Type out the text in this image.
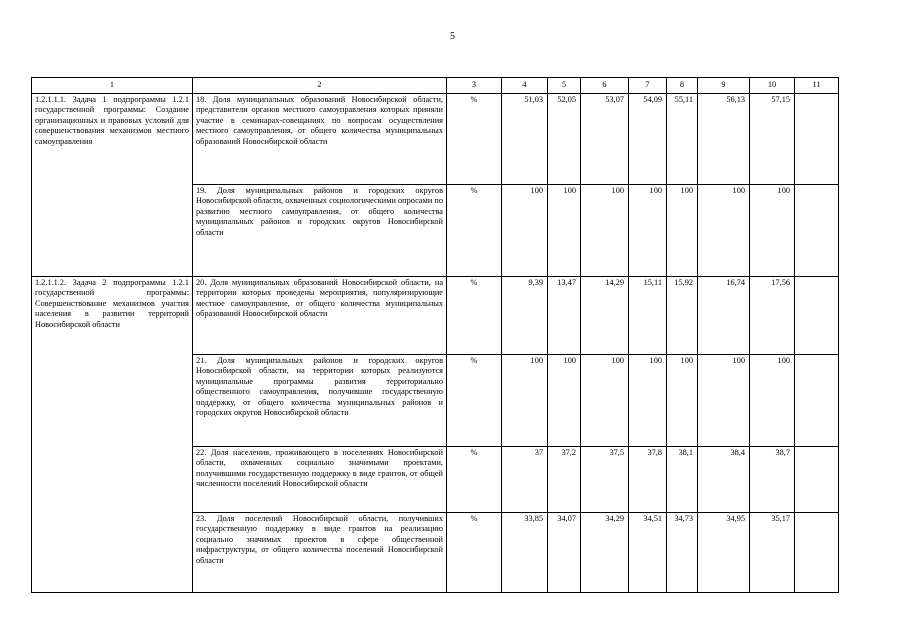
5
1	2	3	4	5	6	7	8	9	10	11
1.2.1.1.1. Задача 1 подпрограммы 1.2.1 государственной программы: Создание организационных и правовых условий для совершенствования механизмов местного самоуправления	18. Доля муниципальных образований Новосибирской области, представители органов местного самоуправления которых приняли участие в семинарах-совещаниях по вопросам осуществления местного самоуправления, от общего количества муниципальных образований Новосибирской области	%	51,03	52,05	53,07	54,09	55,11	56,13	57,15	
	19. Доля муниципальных районов и городских округов Новосибирской области, охваченных социологическими опросами по развитию местного самоуправления, от общего количества муниципальных районов и городских округов Новосибирской области	%	100	100	100	100	100	100	100	
1.2.1.1.2. Задача 2 подпрограммы 1.2.1 государственной программы: Совершенствование механизмов участия населения в развитии территорий Новосибирской области	20. Доля муниципальных образований Новосибирской области, на территории которых проведены мероприятия, популяризирующие местное самоуправление, от общего количества муниципальных образований Новосибирской области	%	9,39	13,47	14,29	15,11	15,92	16,74	17,56	
	21. Доля муниципальных районов и городских округов Новосибирской области, на территории которых реализуются муниципальные программы развития территориально общественного самоуправления, получившие государственную поддержку, от общего количества муниципальных районов и городских округов Новосибирской области	%	100	100	100	100	100	100	100	
	22. Доля населения, проживающего в поселениях Новосибирской области, охваченных социально значимыми проектами, получившими государственную поддержку в виде грантов, от общей численности поселений Новосибирской области	%	37	37,2	37,5	37,8	38,1	38,4	38,7	
	23. Доля поселений Новосибирской области, получивших государственную поддержку в виде грантов на реализацию социально значимых проектов в сфере общественной инфраструктуры, от общего количества поселений Новосибирской области	%	33,85	34,07	34,29	34,51	34,73	34,95	35,17	
